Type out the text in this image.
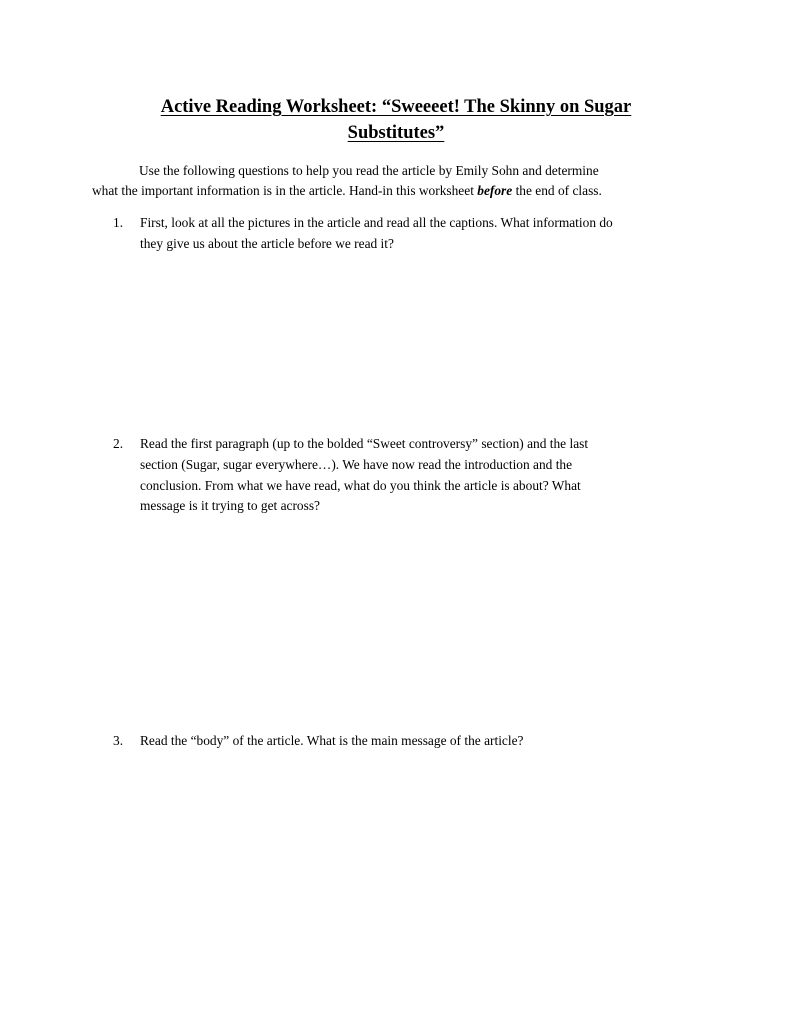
Active Reading Worksheet: “Sweeeet! The Skinny on Sugar
Substitutes”
Use the following questions to help you read the article by Emily Sohn and determine
what the important information is in the article. Hand-in this worksheet before the end of class.
1. First, look at all the pictures in the article and read all the captions. What information do
they give us about the article before we read it?
2. Read the first paragraph (up to the bolded “Sweet controversy” section) and the last
section (Sugar, sugar everywhere…). We have now read the introduction and the
conclusion. From what we have read, what do you think the article is about? What
message is it trying to get across?
3. Read the “body” of the article. What is the main message of the article?
